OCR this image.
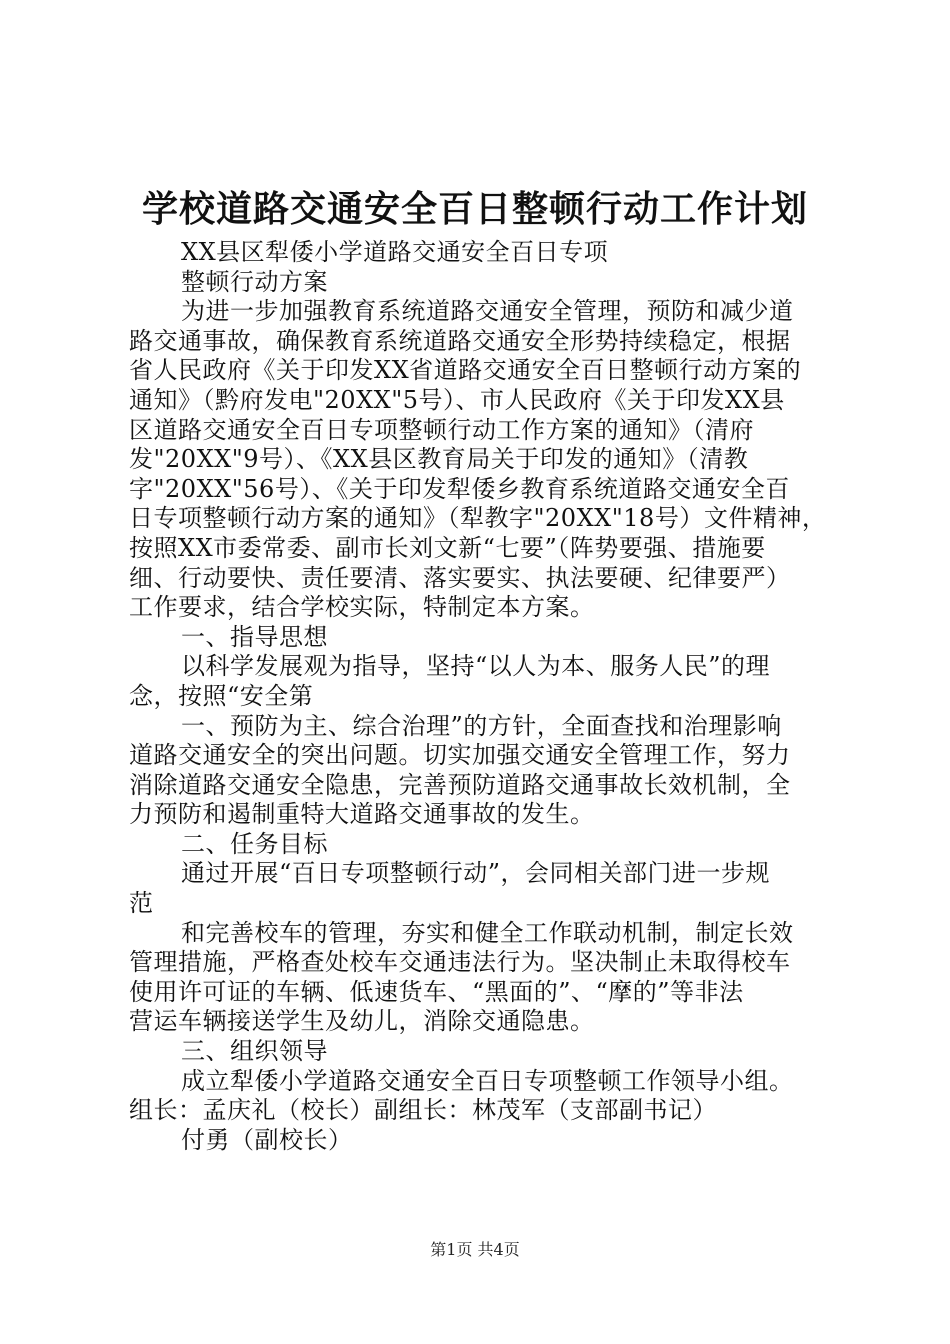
学校道路交通安全百日整顿行动工作计划
XX县区犁倭小学道路交通安全百日专项
整顿行动方案
为进一步加强教育系统道路交通安全管理，预防和减少道
路交通事故，确保教育系统道路交通安全形势持续稳定，根据
省人民政府《关于印发XX省道路交通安全百日整顿行动方案的
通知》（黔府发电"20XX"5号）、市人民政府《关于印发XX县
区道路交通安全百日专项整顿行动工作方案的通知》（清府
发"20XX"9号）、《XX县区教育局关于印发的通知》（清教
字"20XX"56号）、《关于印发犁倭乡教育系统道路交通安全百
日专项整顿行动方案的通知》（犁教字"20XX"18号）文件精神，
按照XX市委常委、副市长刘文新“七要”（阵势要强、措施要
细、行动要快、责任要清、落实要实、执法要硬、纪律要严）
工作要求，结合学校实际，特制定本方案。
一、指导思想
以科学发展观为指导，坚持“以人为本、服务人民”的理
念，按照“安全第
一、预防为主、综合治理”的方针，全面查找和治理影响
道路交通安全的突出问题。切实加强交通安全管理工作，努力
消除道路交通安全隐患，完善预防道路交通事故长效机制，全
力预防和遏制重特大道路交通事故的发生。
二、任务目标
通过开展“百日专项整顿行动”，会同相关部门进一步规
范
和完善校车的管理，夯实和健全工作联动机制，制定长效
管理措施，严格查处校车交通违法行为。坚决制止未取得校车
使用许可证的车辆、低速货车、“黑面的”、“摩的”等非法
营运车辆接送学生及幼儿，消除交通隐患。
三、组织领导
成立犁倭小学道路交通安全百日专项整顿工作领导小组。
组长：孟庆礼（校长）副组长：林茂军（支部副书记）
付勇（副校长）
第1页 共4页
